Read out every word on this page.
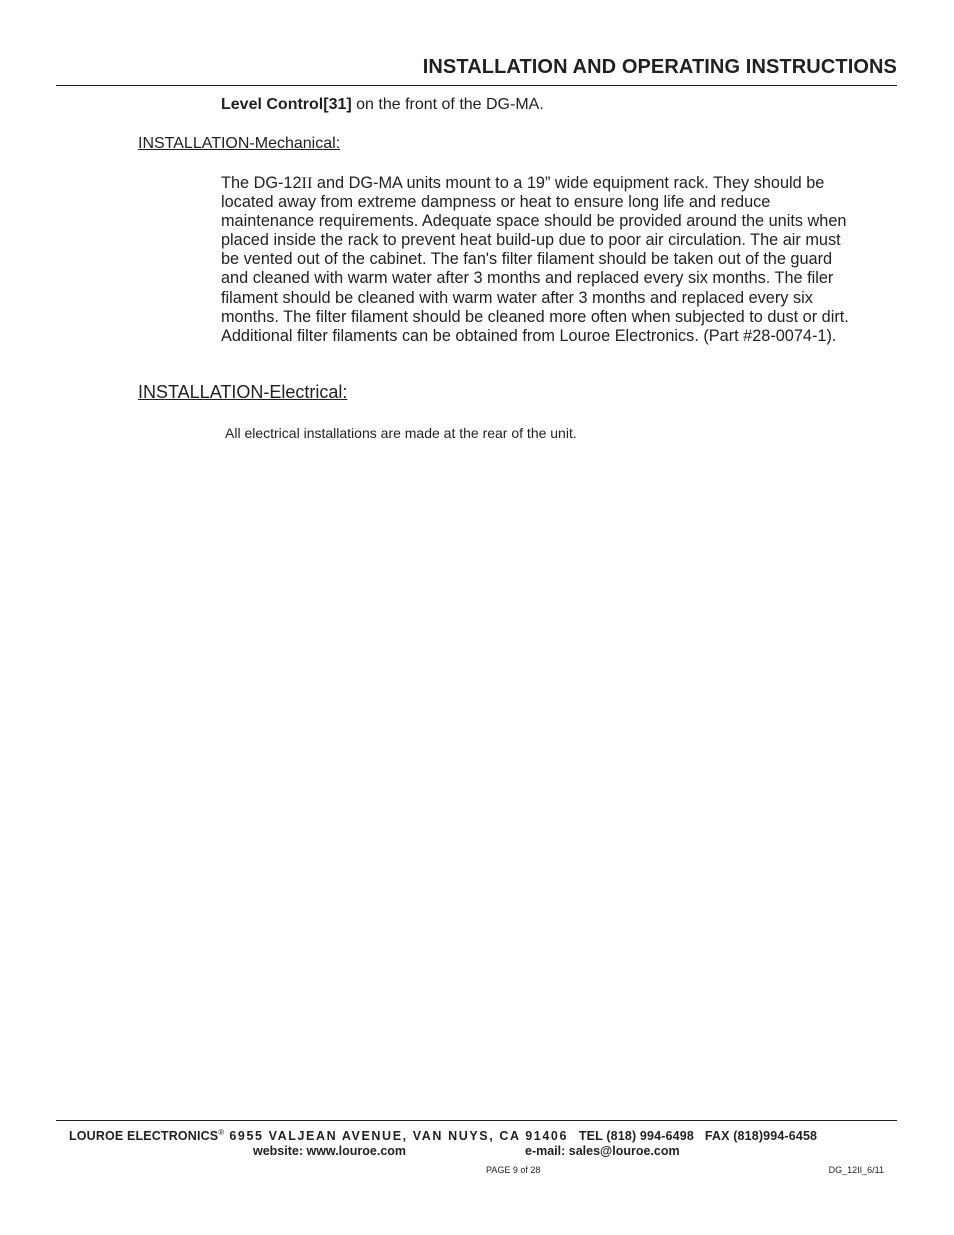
INSTALLATION AND OPERATING INSTRUCTIONS
Level Control[31] on the front of the DG-MA.
INSTALLATION-Mechanical:

The DG-12II and DG-MA units mount to a 19” wide equipment rack. They should be
located away from extreme dampness or heat to ensure long life and reduce
maintenance requirements. Adequate space should be provided around the units when
placed inside the rack to prevent heat build-up due to poor air circulation. The air must
be vented out of the cabinet. The fan's filter filament should be taken out of the guard
and cleaned with warm water after 3 months and replaced every six months. The filer
filament should be cleaned with warm water after 3 months and replaced every six
months. The filter filament should be cleaned more often when subjected to dust or dirt.
Additional filter filaments can be obtained from Louroe Electronics. (Part #28-0074-1).

INSTALLATION-Electrical:
All electrical installations are made at the rear of the unit.
LOUROE ELECTRONICS® 6955 VALJEAN AVENUE, VAN NUYS, CA 91406 TEL (818) 994-6498 FAX (818)994-6458
website: www.louroe.com	e-mail: sales@louroe.com
PAGE 9 of 28	DG_12II_6/11
